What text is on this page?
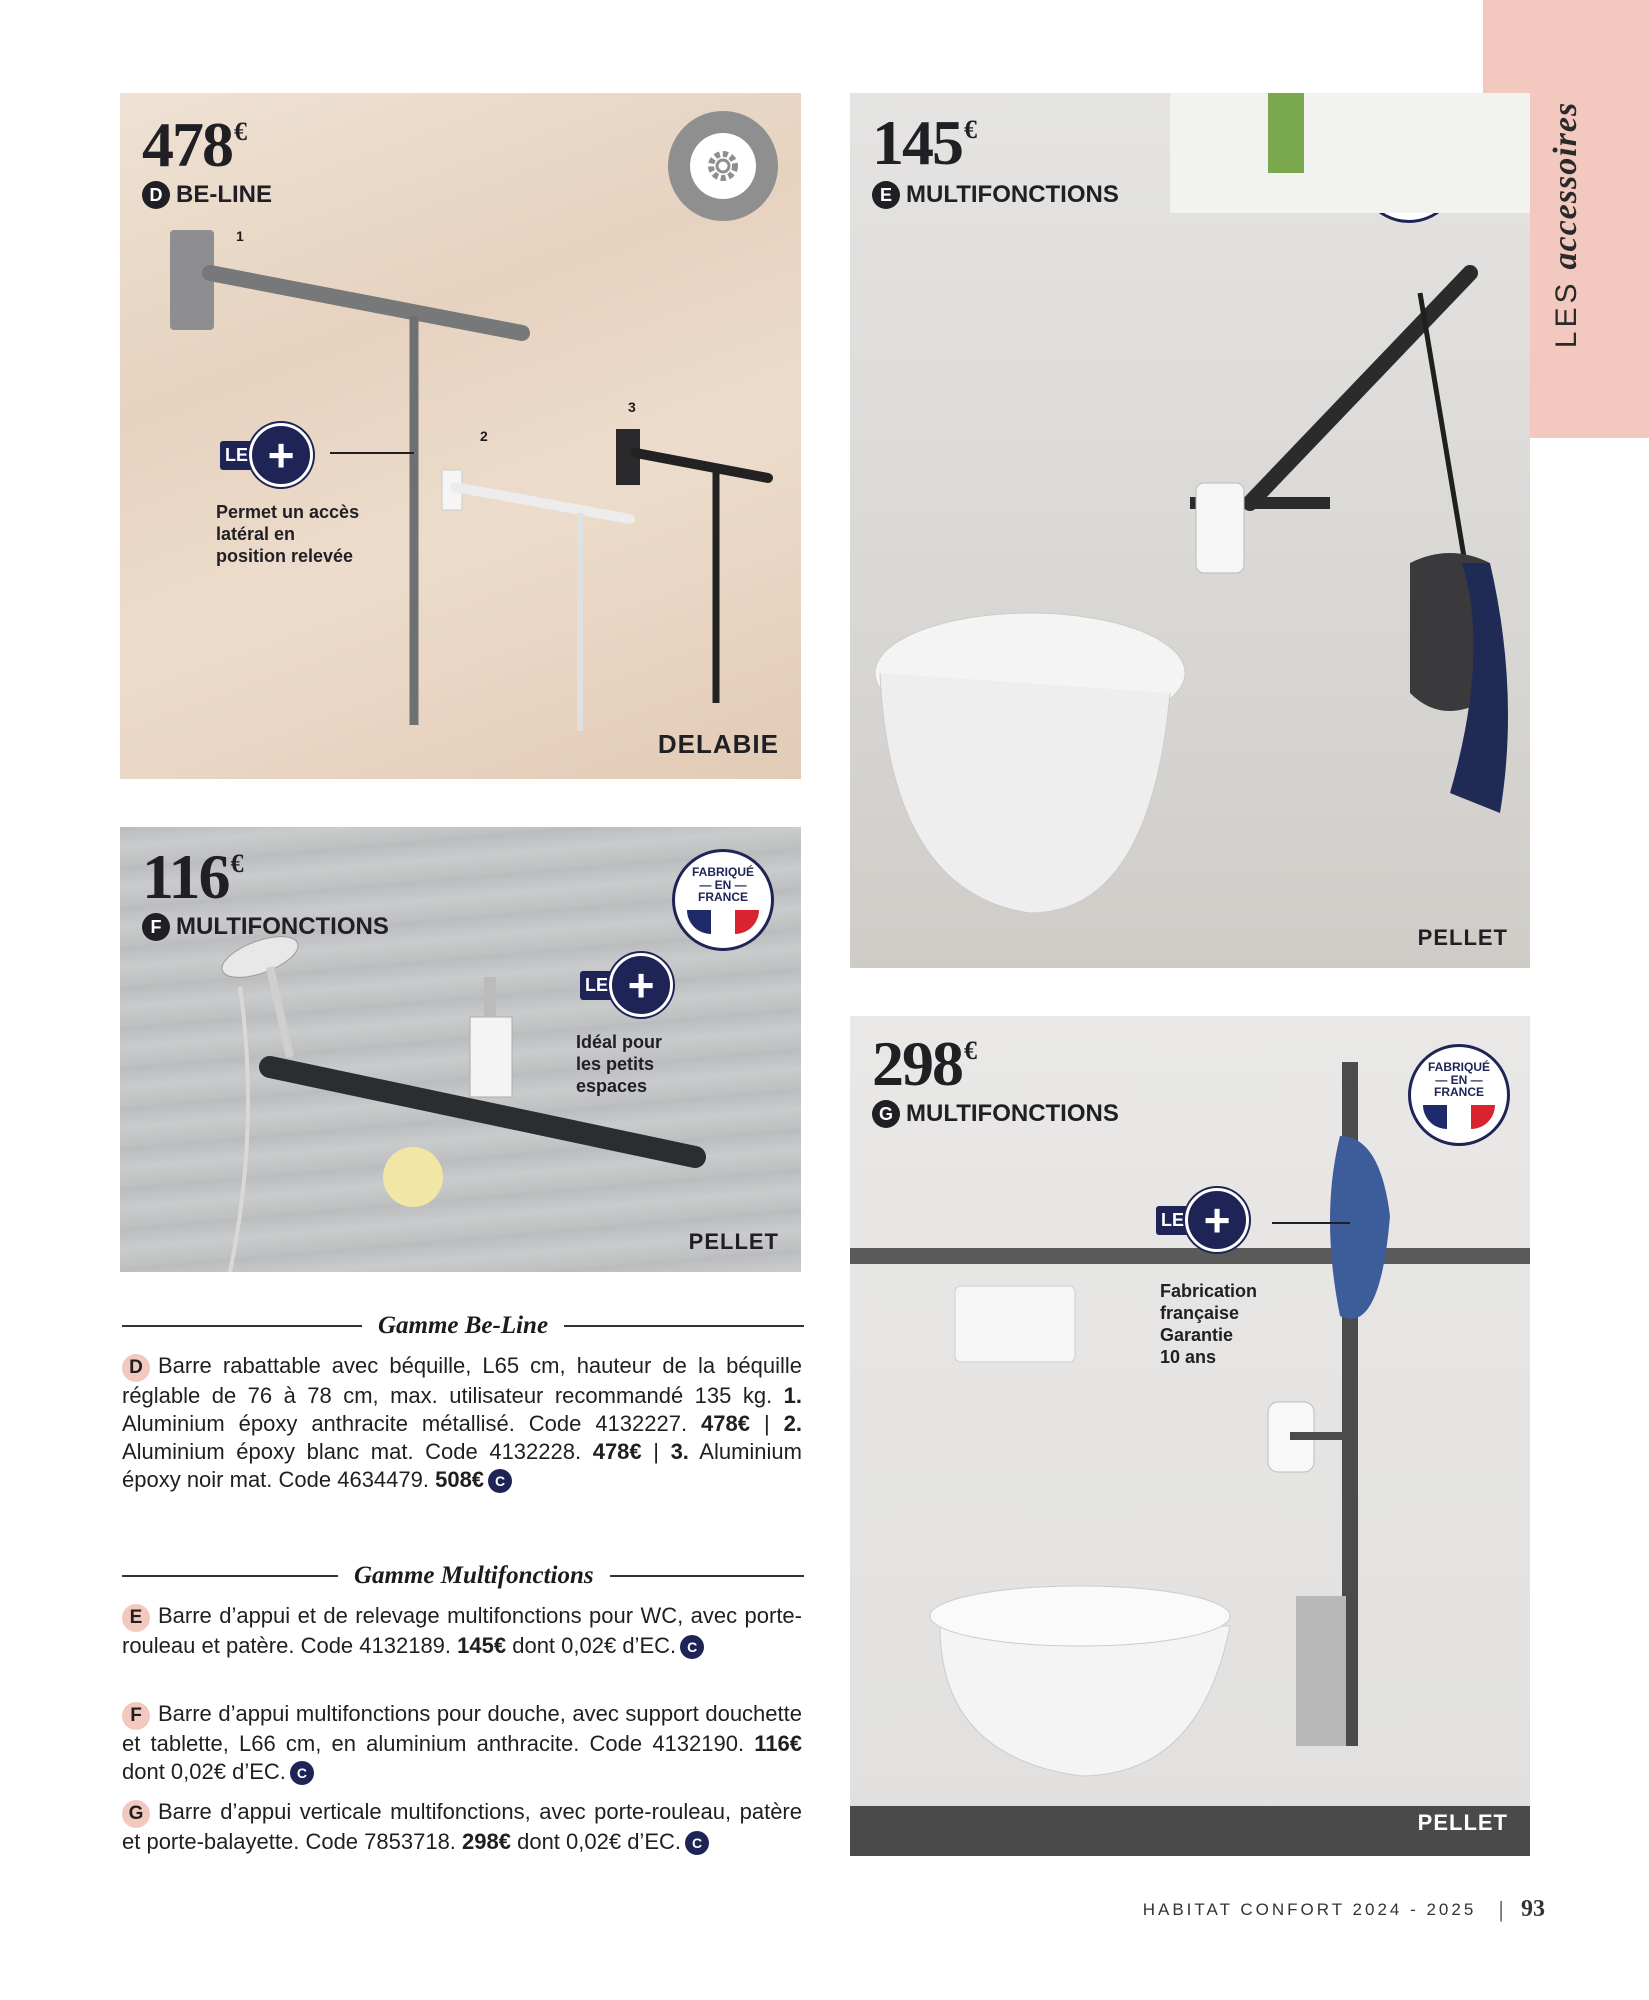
LESaccessoires
478€
D BE-LINE
1
2
3
LE +
Permet un accès
latéral en
position relevée
DELABIE
116€
F MULTIFONCTIONS
FABRIQUÉ
— EN —
FRANCE
LE +
Idéal pour
les petits
espaces
PELLET
145€
E MULTIFONCTIONS
PELLET
298€
G MULTIFONCTIONS
FABRIQUÉ
— EN —
FRANCE
LE +
Fabrication
française
Garantie
10 ans
PELLET
Gamme Be-Line
D Barre rabattable avec béquille, L65 cm, hauteur de la béquille réglable de 76 à 78 cm, max. utilisateur recommandé 135 kg. 1. Aluminium époxy anthracite métallisé. Code 4132227. 478€ | 2. Aluminium époxy blanc mat. Code 4132228. 478€ | 3. Aluminium époxy noir mat. Code 4634479. 508€ C
Gamme Multifonctions
E Barre d’appui et de relevage multifonctions pour WC, avec porte-rouleau et patère. Code 4132189. 145€ dont 0,02€ d’EC. C
F Barre d’appui multifonctions pour douche, avec support douchette et tablette, L66 cm, en aluminium anthracite. Code 4132190. 116€ dont 0,02€ d’EC. C
G Barre d’appui verticale multifonctions, avec porte-rouleau, patère et porte-balayette. Code 7853718. 298€ dont 0,02€ d’EC. C
HABITAT CONFORT 2024 - 2025 | 93
